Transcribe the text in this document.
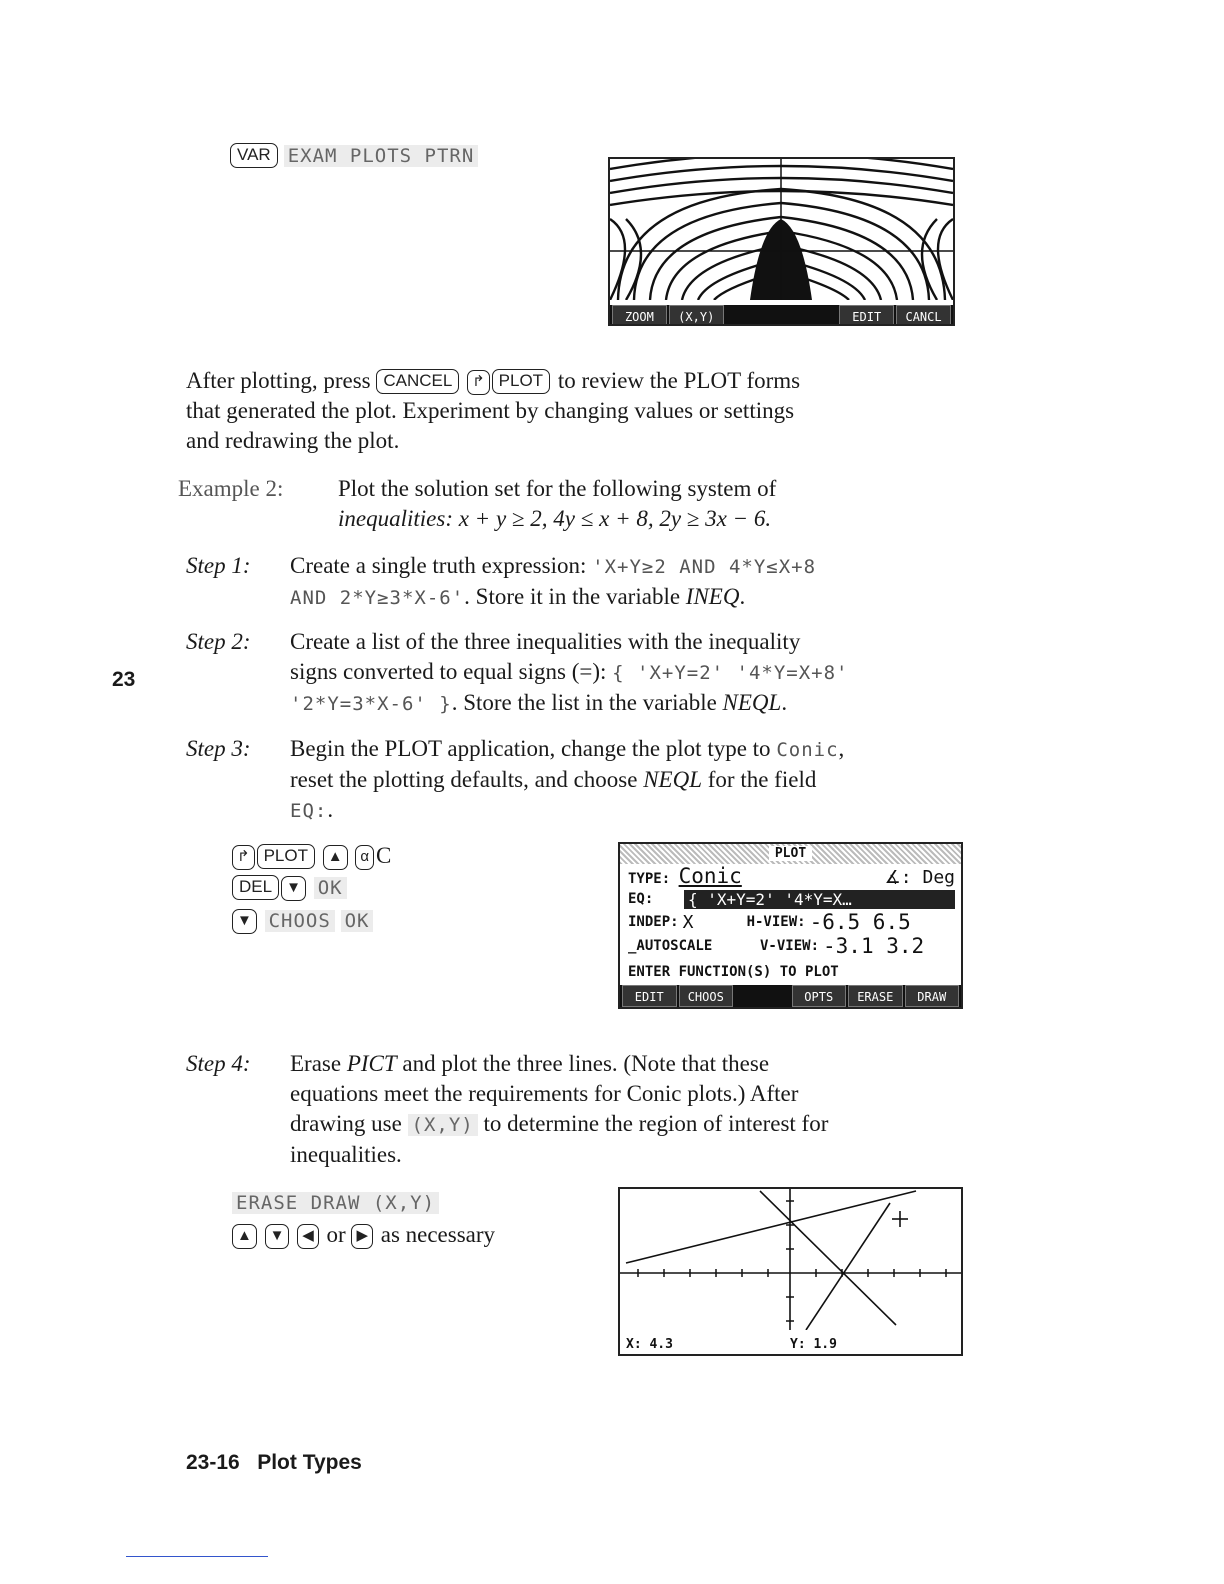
VAR EXAM PLOTS PTRN
ZOOM	(X,Y)	EDIT	CANCL
After plotting, press CANCEL ↱ PLOT to review the PLOT forms
that generated the plot. Experiment by changing values or settings
and redrawing the plot.
Example 2:	Plot the solution set for the following system of
inequalities: x + y ≥ 2, 4y ≤ x + 8, 2y ≥ 3x − 6.
Step 1: Create a single truth expression: 'X+Y≥2 AND 4*Y≤X+8
AND 2*Y≥3*X-6'. Store it in the variable INEQ.
23
Step 2: Create a list of the three inequalities with the inequality
signs converted to equal signs (=): { 'X+Y=2' '4*Y=X+8'
'2*Y=3*X-6' }. Store the list in the variable NEQL.
Step 3: Begin the PLOT application, change the plot type to Conic,
reset the plotting defaults, and choose NEQL for the field
EQ:.
↱ PLOT ▲ α C
DEL ▼ OK
▼ CHOOS OK
PLOT
TYPE: Conic	∡: Deg
EQ:	{ 'X+Y=2' '4*Y=X…
INDEP: X	H-VIEW: -6.5 6.5
_AUTOSCALE	V-VIEW: -3.1 3.2
ENTER FUNCTION(S) TO PLOT
EDIT	CHOOS	OPTS	ERASE	DRAW
Step 4: Erase PICT and plot the three lines. (Note that these
equations meet the requirements for Conic plots.) After
drawing use (X,Y) to determine the region of interest for
inequalities.
ERASE DRAW (X,Y)
▲ ▼ ◀ or ▶ as necessary
X: 4.3	Y: 1.9
23-16   Plot Types
